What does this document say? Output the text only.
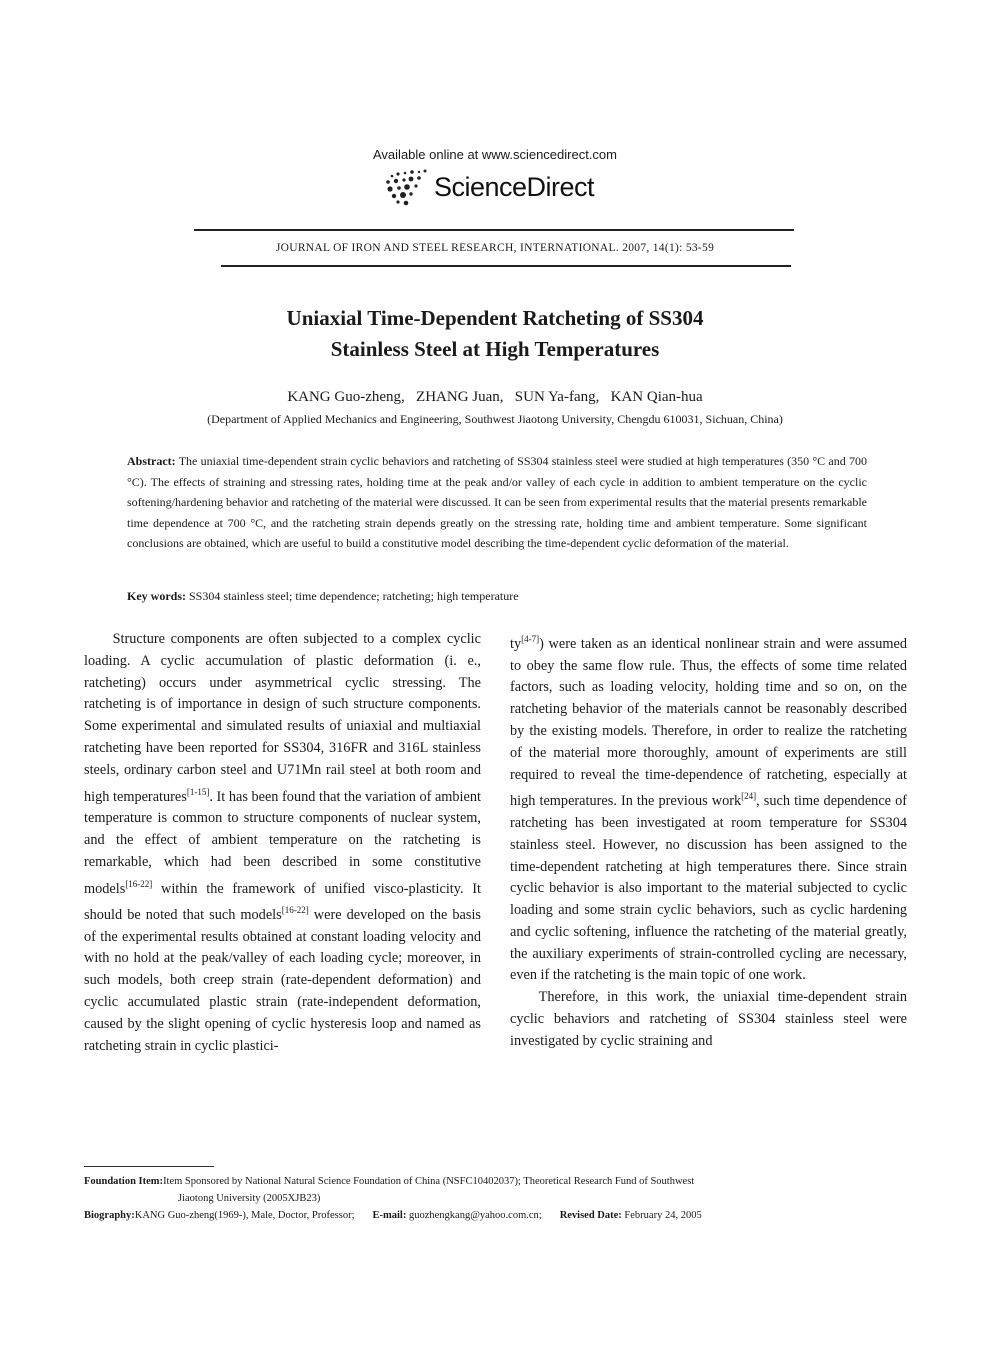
Available online at www.sciencedirect.com
ScienceDirect
JOURNAL OF IRON AND STEEL RESEARCH, INTERNATIONAL. 2007, 14(1): 53-59
Uniaxial Time-Dependent Ratcheting of SS304
Stainless Steel at High Temperatures
KANG Guo-zheng,   ZHANG Juan,   SUN Ya-fang,   KAN Qian-hua
(Department of Applied Mechanics and Engineering, Southwest Jiaotong University, Chengdu 610031, Sichuan, China)
Abstract: The uniaxial time-dependent strain cyclic behaviors and ratcheting of SS304 stainless steel were studied at high temperatures (350 °C and 700 °C). The effects of straining and stressing rates, holding time at the peak and/or valley of each cycle in addition to ambient temperature on the cyclic softening/hardening behavior and ratcheting of the material were discussed. It can be seen from experimental results that the material presents remarkable time dependence at 700 °C, and the ratcheting strain depends greatly on the stressing rate, holding time and ambient temperature. Some significant conclusions are obtained, which are useful to build a constitutive model describing the time-dependent cyclic deformation of the material.
Key words: SS304 stainless steel; time dependence; ratcheting; high temperature

Structure components are often subjected to a complex cyclic loading. A cyclic accumulation of plastic deformation (i. e., ratcheting) occurs under asymmetrical cyclic stressing. The ratcheting is of importance in design of such structure components. Some experimental and simulated results of uniaxial and multiaxial ratcheting have been reported for SS304, 316FR and 316L stainless steels, ordinary carbon steel and U71Mn rail steel at both room and high temperatures[1-15]. It has been found that the variation of ambient temperature is common to structure components of nuclear system, and the effect of ambient temperature on the ratcheting is remarkable, which had been described in some constitutive models[16-22] within the framework of unified visco-plasticity. It should be noted that such models[16-22] were developed on the basis of the experimental results obtained at constant loading velocity and with no hold at the peak/valley of each loading cycle; moreover, in such models, both creep strain (rate-dependent deformation) and cyclic accumulated plastic strain (rate-independent deformation, caused by the slight opening of cyclic hysteresis loop and named as ratcheting strain in cyclic plastici-

ty[4-7]) were taken as an identical nonlinear strain and were assumed to obey the same flow rule. Thus, the effects of some time related factors, such as loading velocity, holding time and so on, on the ratcheting behavior of the materials cannot be reasonably described by the existing models. Therefore, in order to realize the ratcheting of the material more thoroughly, amount of experiments are still required to reveal the time-dependence of ratcheting, especially at high temperatures. In the previous work[24], such time dependence of ratcheting has been investigated at room temperature for SS304 stainless steel. However, no discussion has been assigned to the time-dependent ratcheting at high temperatures there. Since strain cyclic behavior is also important to the material subjected to cyclic loading and some strain cyclic behaviors, such as cyclic hardening and cyclic softening, influence the ratcheting of the material greatly, the auxiliary experiments of strain-controlled cycling are necessary, even if the ratcheting is the main topic of one work.

Therefore, in this work, the uniaxial time-dependent strain cyclic behaviors and ratcheting of SS304 stainless steel were investigated by cyclic straining and

Foundation Item:Item Sponsored by National Natural Science Foundation of China (NSFC10402037); Theoretical Research Fund of Southwest
Jiaotong University (2005XJB23)
Biography:KANG Guo-zheng(1969-), Male, Doctor, Professor; E-mail: guozhengkang@yahoo.com.cn; Revised Date: February 24, 2005
